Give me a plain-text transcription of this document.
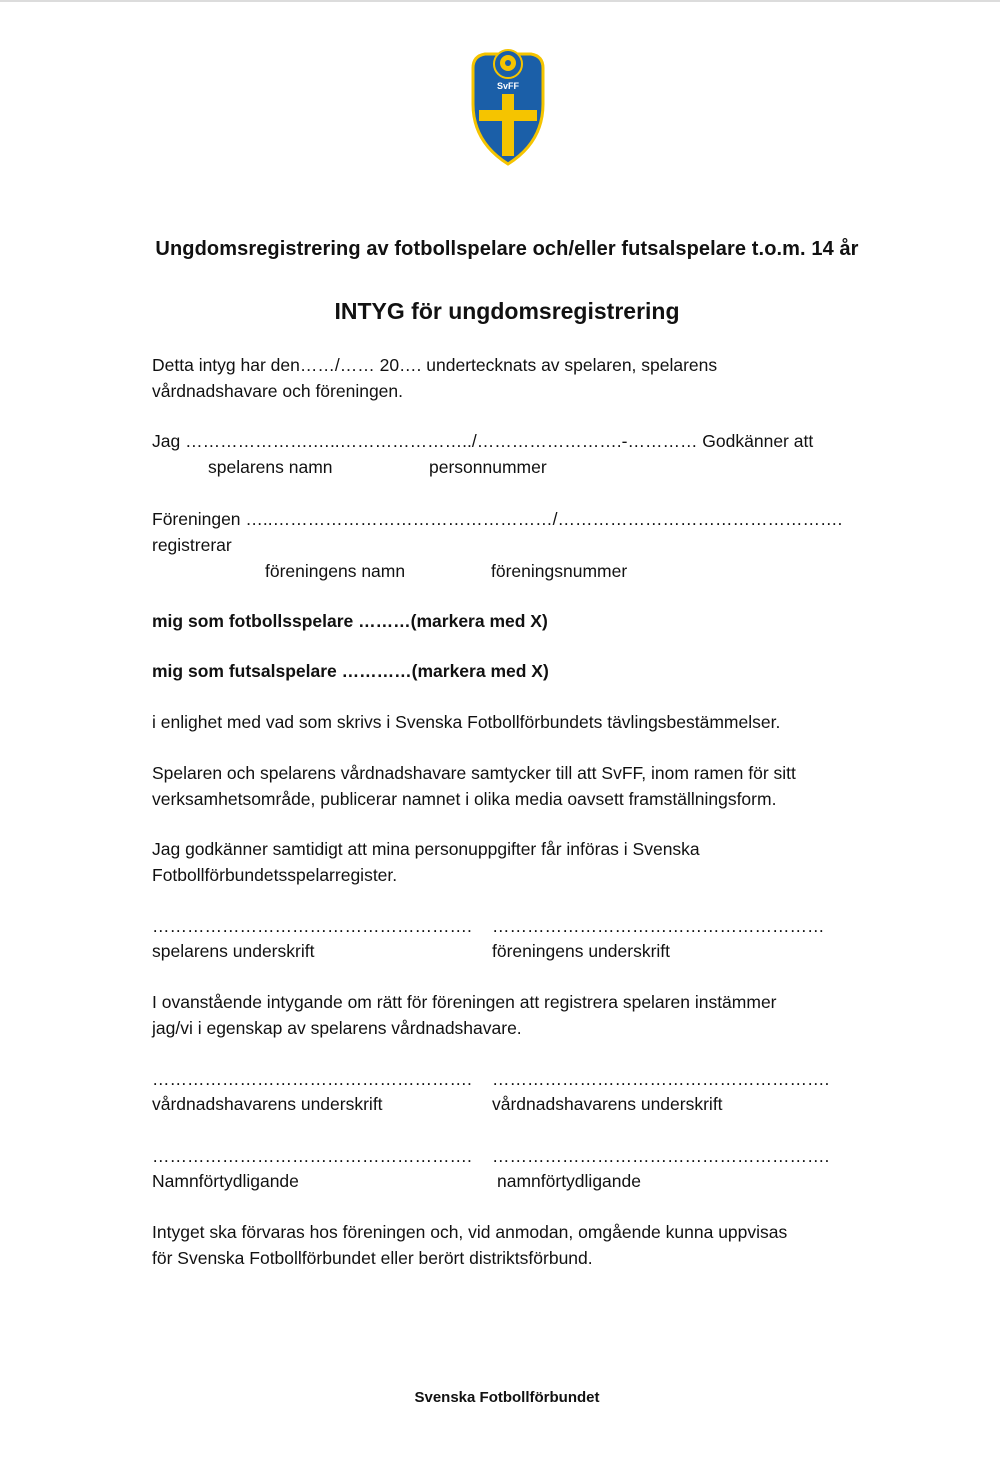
SvFF
Ungdomsregistrering av fotbollspelare och/eller futsalspelare t.o.m. 14 år
INTYG för ungdomsregistrering
Detta intyg har den……/…… 20…. undertecknats av spelaren, spelarens
vårdnadshavare och föreningen.
Jag ………………….…..…………………../…………………….-………… Godkänner att
spelarens namn	personnummer
Föreningen …..…………………………………………/………………………………………….
registrerar
föreningens namn	föreningsnummer
mig som fotbollsspelare ………(markera med X)
mig som futsalspelare …………(markera med X)
i enlighet med vad som skrivs i Svenska Fotbollförbundets tävlingsbestämmelser.
Spelaren och spelarens vårdnadshavare samtycker till att SvFF, inom ramen för sitt
verksamhetsområde, publicerar namnet i olika media oavsett framställningsform.
Jag godkänner samtidigt att mina personuppgifter får införas i Svenska
Fotbollförbundetsspelarregister.
………………………………………………. …………………………………………………
spelarens underskrift	föreningens underskrift
I ovanstående intygande om rätt för föreningen att registrera spelaren instämmer
jag/vi i egenskap av spelarens vårdnadshavare.
………………………………………………. ………………………………………………….
vårdnadshavarens underskrift	vårdnadshavarens underskrift
………………………………………………. ………………………………………………….
Namnförtydligande	namnförtydligande
Intyget ska förvaras hos föreningen och, vid anmodan, omgående kunna uppvisas
för Svenska Fotbollförbundet eller berört distriktsförbund.
Svenska Fotbollförbundet
